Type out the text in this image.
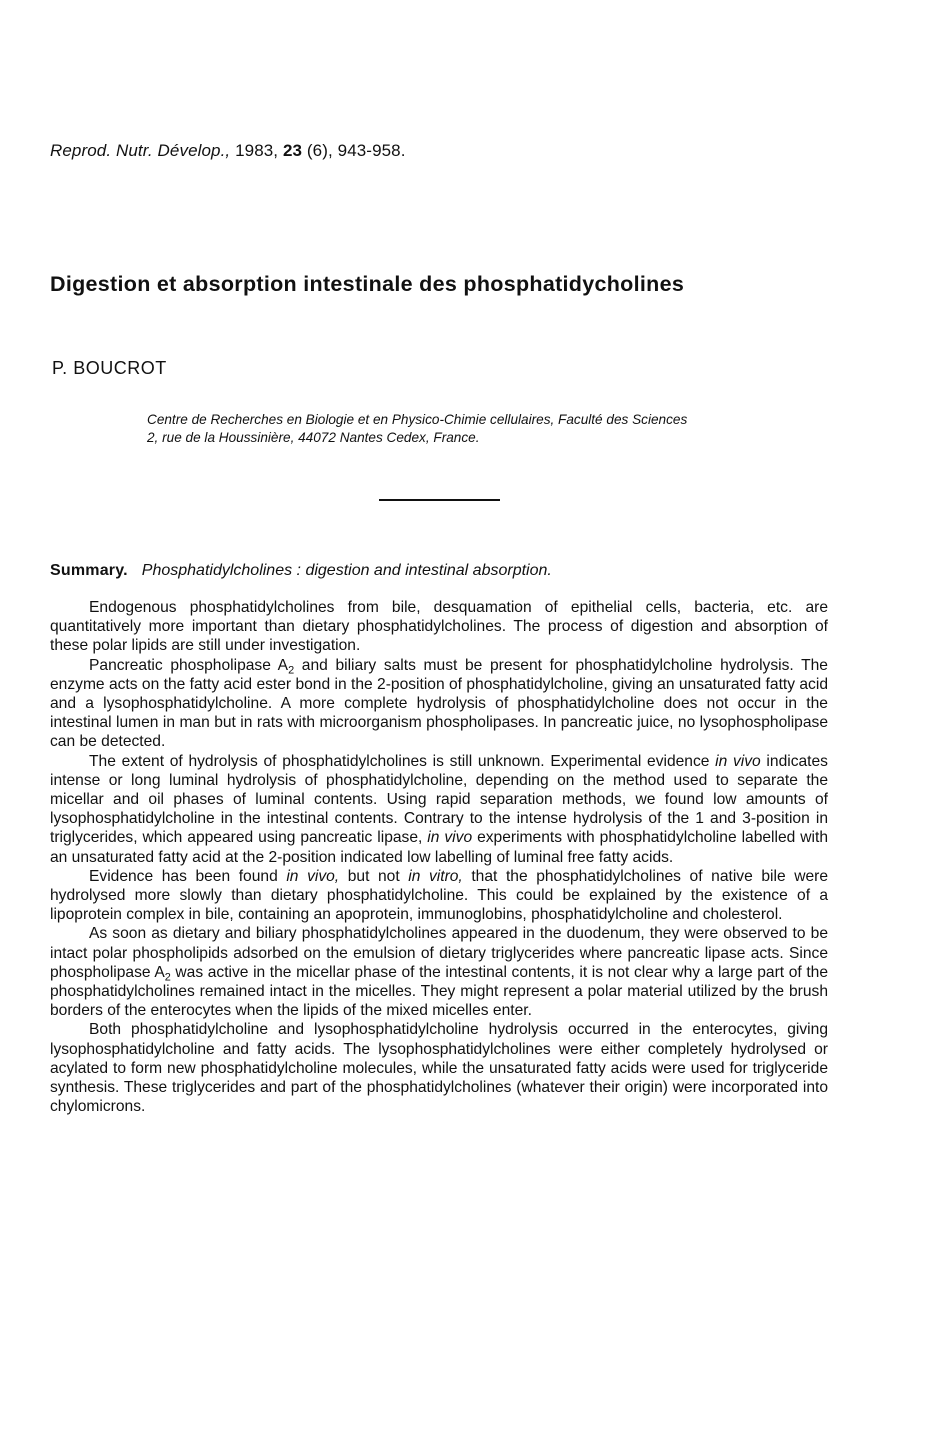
Reprod. Nutr. Dévelop., 1983, 23 (6), 943-958.
Digestion et absorption intestinale des phosphatidycholines
P. BOUCROT
Centre de Recherches en Biologie et en Physico-Chimie cellulaires, Faculté des Sciences
2, rue de la Houssinière, 44072 Nantes Cedex, France.
Summary. Phosphatidylcholines : digestion and intestinal absorption.

Endogenous phosphatidylcholines from bile, desquamation of epithelial cells, bacteria, etc. are quantitatively more important than dietary phosphatidylcholines. The process of digestion and absorption of these polar lipids are still under investigation.

Pancreatic phospholipase $A_2$ and biliary salts must be present for phosphatidylcholine hydrolysis. The enzyme acts on the fatty acid ester bond in the 2-position of phosphatidylcholine, giving an unsaturated fatty acid and a lysophosphatidylcholine. A more complete hydrolysis of phosphatidylcholine does not occur in the intestinal lumen in man but in rats with microorganism phospholipases. In pancreatic juice, no lysophospholipase can be detected.

The extent of hydrolysis of phosphatidylcholines is still unknown. Experimental evidence in vivo indicates intense or long luminal hydrolysis of phosphatidylcholine, depending on the method used to separate the micellar and oil phases of luminal contents. Using rapid separation methods, we found low amounts of lysophosphatidylcholine in the intestinal contents. Contrary to the intense hydrolysis of the 1 and 3-position in triglycerides, which appeared using pancreatic lipase, in vivo experiments with phosphatidylcholine labelled with an unsaturated fatty acid at the 2-position indicated low labelling of luminal free fatty acids.

Evidence has been found in vivo, but not in vitro, that the phosphatidylcholines of native bile were hydrolysed more slowly than dietary phosphatidylcholine. This could be explained by the existence of a lipoprotein complex in bile, containing an apoprotein, immunoglobins, phosphatidylcholine and cholesterol.

As soon as dietary and biliary phosphatidylcholines appeared in the duodenum, they were observed to be intact polar phospholipids adsorbed on the emulsion of dietary triglycerides where pancreatic lipase acts. Since phospholipase $A_2$ was active in the micellar phase of the intestinal contents, it is not clear why a large part of the phosphatidylcholines remained intact in the micelles. They might represent a polar material utilized by the brush borders of the enterocytes when the lipids of the mixed micelles enter.

Both phosphatidylcholine and lysophosphatidylcholine hydrolysis occurred in the enterocytes, giving lysophosphatidylcholine and fatty acids. The lysophosphatidylcholines were either completely hydrolysed or acylated to form new phosphatidylcholine molecules, while the unsaturated fatty acids were used for triglyceride synthesis. These triglycerides and part of the phosphatidylcholines (whatever their origin) were incorporated into chylomicrons.
